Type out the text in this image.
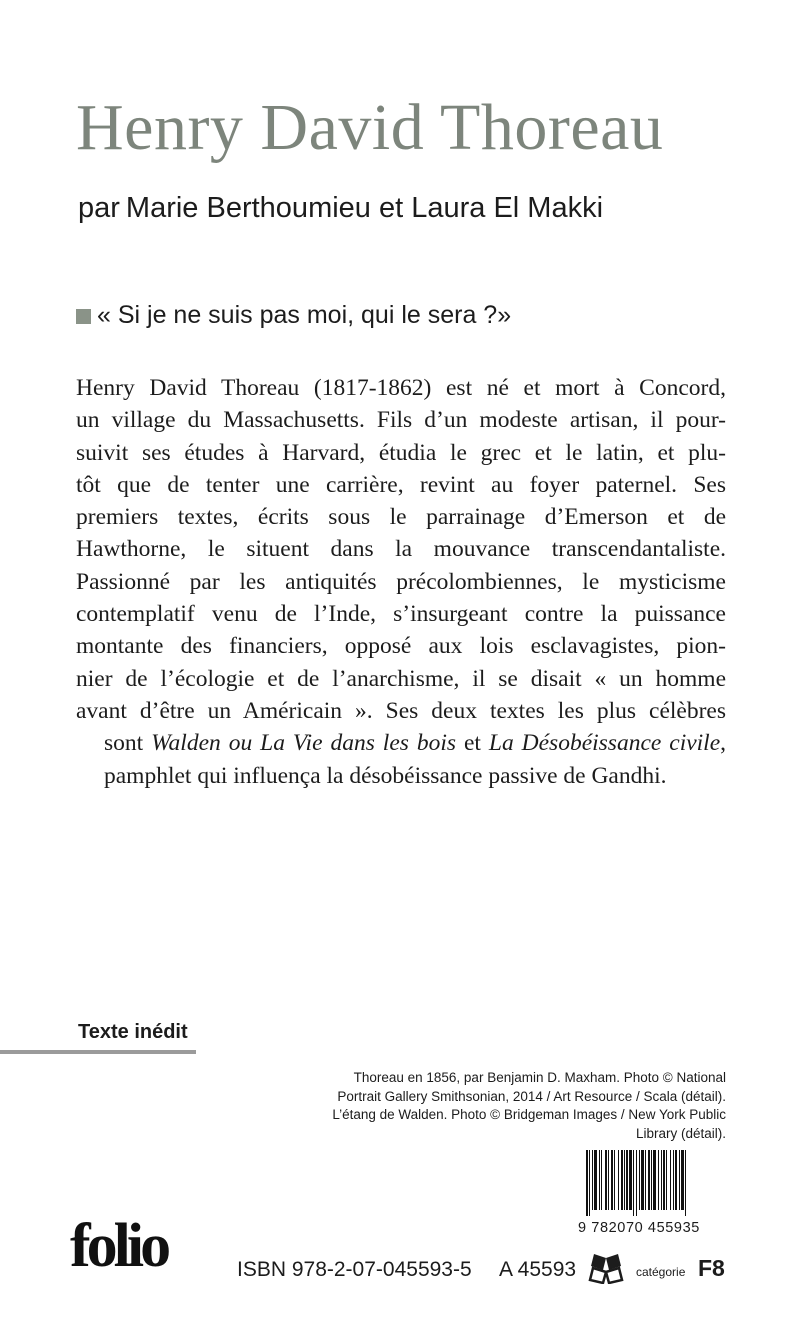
Henry David Thoreau
par Marie Berthoumieu et Laura El Makki
« Si je ne suis pas moi, qui le sera ?»
Henry David Thoreau (1817-1862) est né et mort à Concord,
un village du Massachusetts. Fils d’un modeste artisan, il pour-
suivit ses études à Harvard, étudia le grec et le latin, et plu-
tôt que de tenter une carrière, revint au foyer paternel. Ses
premiers textes, écrits sous le parrainage d’Emerson et de
Hawthorne, le situent dans la mouvance transcendantaliste.
Passionné par les antiquités précolombiennes, le mysticisme
contemplatif venu de l’Inde, s’insurgeant contre la puissance
montante des financiers, opposé aux lois esclavagistes, pion-
nier de l’écologie et de l’anarchisme, il se disait « un homme
avant d’être un Américain ». Ses deux textes les plus célèbres
sont Walden ou La Vie dans les bois et La Désobéissance civile,
pamphlet qui influença la désobéissance passive de Gandhi.
Texte inédit
Thoreau en 1856, par Benjamin D. Maxham. Photo © National
Portrait Gallery Smithsonian, 2014 / Art Resource / Scala (détail).
L’étang de Walden. Photo © Bridgeman Images / New York Public
Library (détail).
9 782070 455935
folio	ISBN 978-2-07-045593-5 A 45593	catégorie F8
